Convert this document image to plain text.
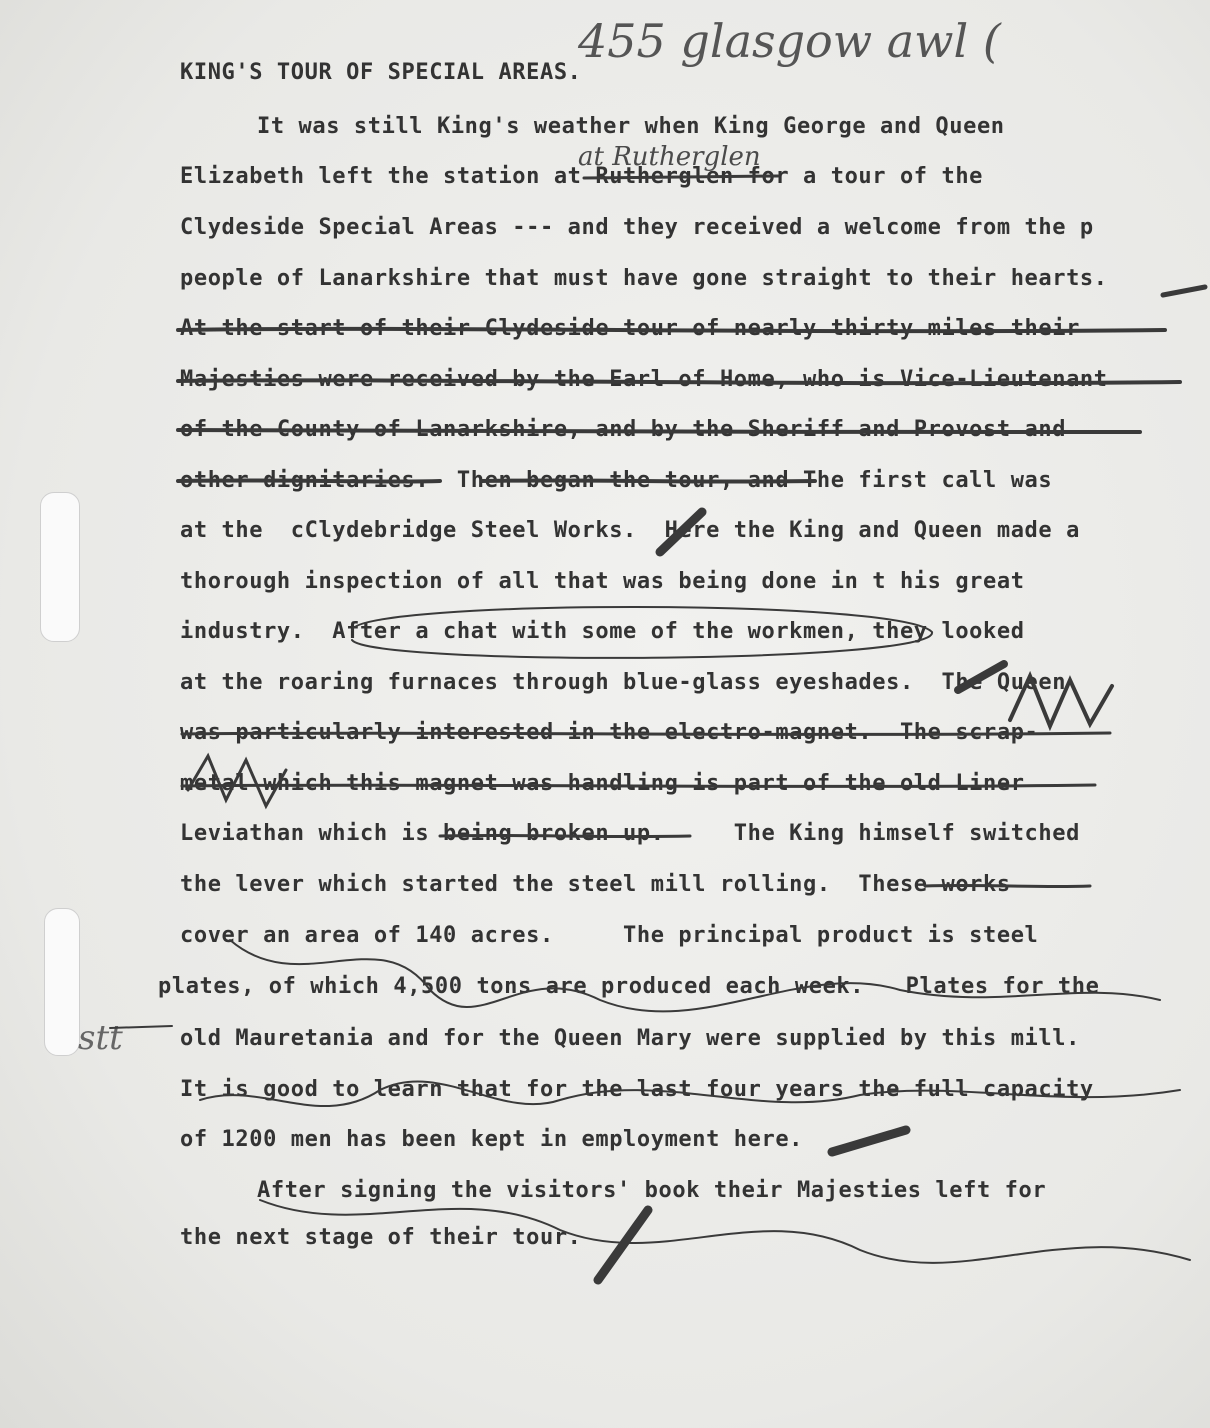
455 glasgow awl (
at Rutherglen
stt
KING'S TOUR OF SPECIAL AREAS.
It was still King's weather when King George and Queen
Elizabeth left the station at Rutherglen for a tour of the
Clydeside Special Areas --- and they received a welcome from the p
people of Lanarkshire that must have gone straight to their hearts.
At the start of their Clydeside tour of nearly thirty miles their
Majesties were received by the Earl of Home, who is Vice-Lieutenant
of the County of Lanarkshire, and by the Sheriff and Provost and
other dignitaries.  Then began the tour, and The first call was
at the  cClydebridge Steel Works.  Here the King and Queen made a
thorough inspection of all that was being done in t his great
industry.  After a chat with some of the workmen, they looked
at the roaring furnaces through blue-glass eyeshades.  The Queen
was particularly interested in the electro-magnet.  The scrap-
metal which this magnet was handling is part of the old Liner
Leviathan which is being broken up.     The King himself switched
the lever which started the steel mill rolling.  These works
cover an area of 140 acres.     The principal product is steel
plates, of which 4,500 tons are produced each week.   Plates for the
old Mauretania and for the Queen Mary were supplied by this mill.
It is good to learn that for the last four years the full capacity
of 1200 men has been kept in employment here.
After signing the visitors' book their Majesties left for
the next stage of their tour.
